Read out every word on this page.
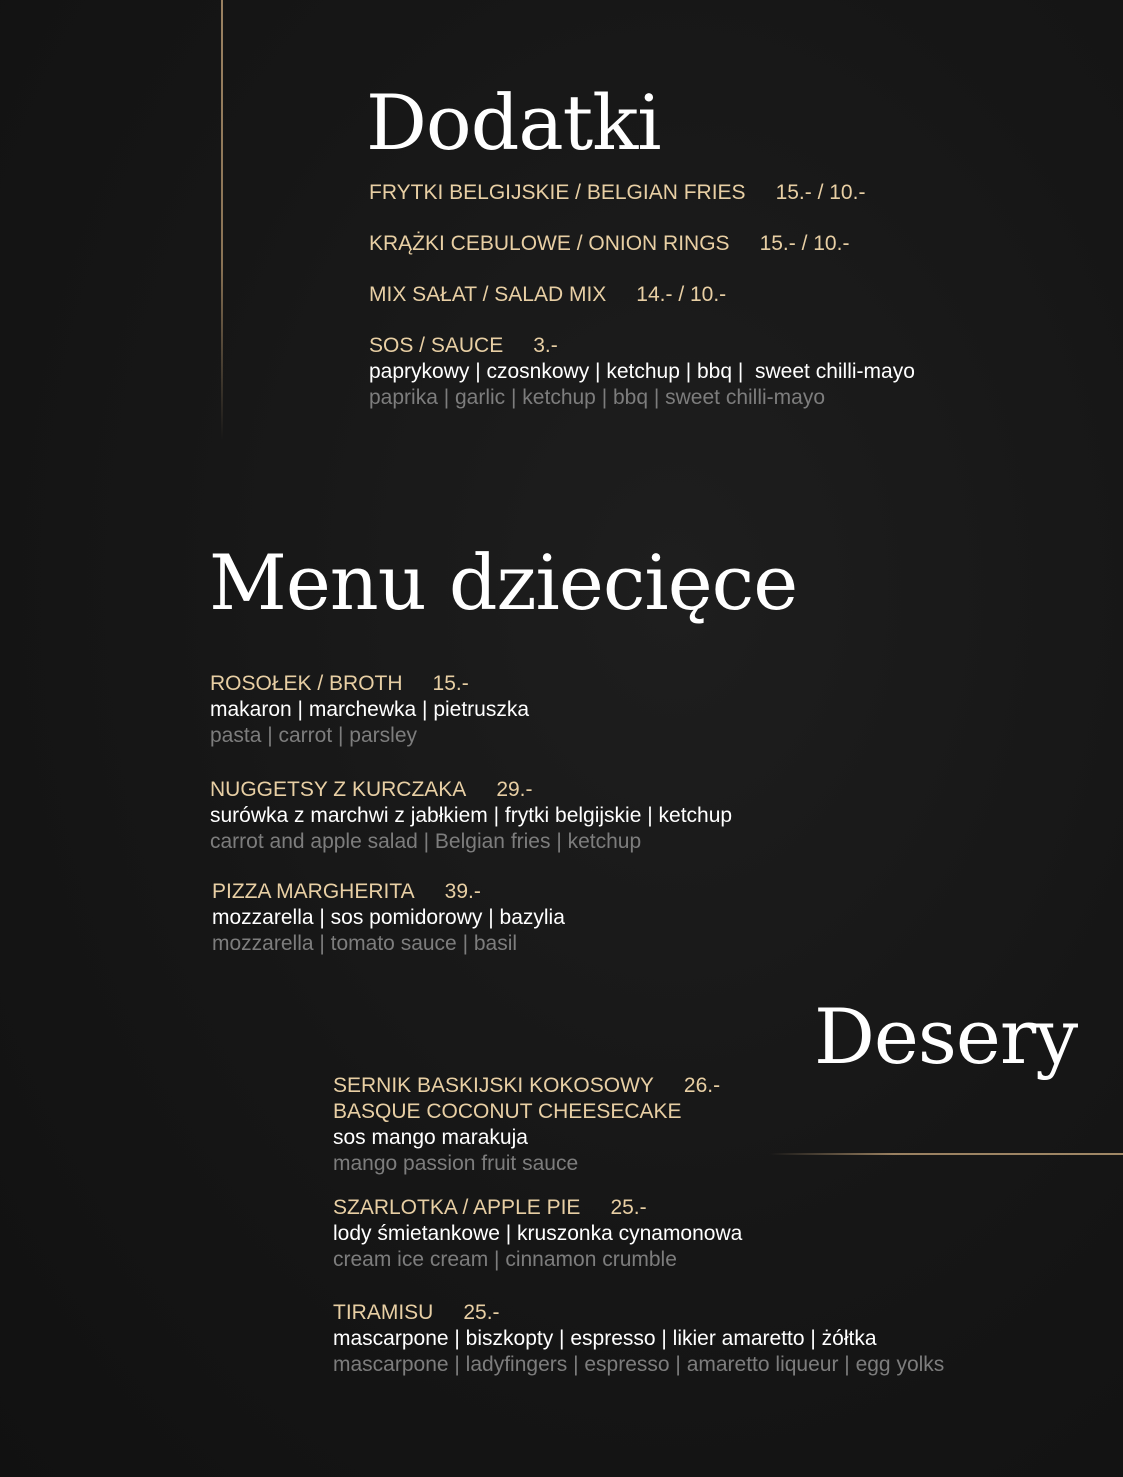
Dodatki
FRYTKI BELGIJSKIE / BELGIAN FRIES 15.- / 10.-
KRĄŻKI CEBULOWE / ONION RINGS 15.- / 10.-
MIX SAŁAT / SALAD MIX 14.- / 10.-
SOS / SAUCE 3.-
paprykowy | czosnkowy | ketchup | bbq |  sweet chilli-mayo
paprika | garlic | ketchup | bbq | sweet chilli-mayo
Menu dziecięce
ROSOŁEK / BROTH 15.-
makaron | marchewka | pietruszka
pasta | carrot | parsley
NUGGETSY Z KURCZAKA 29.-
surówka z marchwi z jabłkiem | frytki belgijskie | ketchup
carrot and apple salad | Belgian fries | ketchup
PIZZA MARGHERITA 39.-
mozzarella | sos pomidorowy | bazylia
mozzarella | tomato sauce | basil
Desery
SERNIK BASKIJSKI KOKOSOWY 26.-
BASQUE COCONUT CHEESECAKE
sos mango marakuja
mango passion fruit sauce
SZARLOTKA / APPLE PIE 25.-
lody śmietankowe | kruszonka cynamonowa
cream ice cream | cinnamon crumble
TIRAMISU 25.-
mascarpone | biszkopty | espresso | likier amaretto | żółtka
mascarpone | ladyfingers | espresso | amaretto liqueur | egg yolks
